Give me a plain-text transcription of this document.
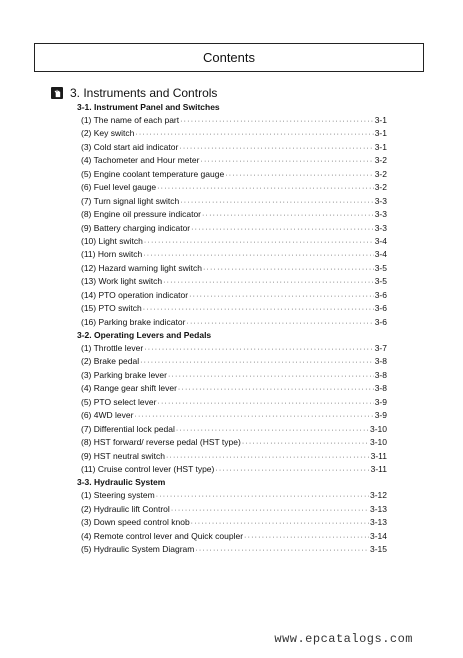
Contents
3. Instruments and Controls
3-1. Instrument Panel and Switches
(1) The name of each part ·····	3-1
(2) Key switch ·····	3-1
(3) Cold start aid indicator ·····	3-1
(4) Tachometer and Hour meter ·····	3-2
(5) Engine coolant temperature gauge ·····	3-2
(6) Fuel level gauge ·····	3-2
(7) Turn signal light switch ·····	3-3
(8) Engine oil pressure indicator ·····	3-3
(9) Battery charging indicator ·····	3-3
(10) Light switch ·····	3-4
(11) Horn switch ·····	3-4
(12) Hazard warning light switch ·····	3-5
(13) Work light switch ·····	3-5
(14) PTO operation indicator ·····	3-6
(15) PTO switch ·····	3-6
(16) Parking brake indicator ·····	3-6
3-2. Operating Levers and Pedals
(1) Throttle lever ·····	3-7
(2) Brake pedal ·····	3-8
(3) Parking brake lever ·····	3-8
(4) Range gear shift lever ·····	3-8
(5) PTO select lever ·····	3-9
(6) 4WD lever ·····	3-9
(7) Differential lock pedal ·····	3-10
(8) HST forward/ reverse pedal (HST type) ·····	3-10
(9) HST neutral switch ·····	3-11
(11) Cruise control lever (HST type) ·····	3-11
3-3. Hydraulic System
(1) Steering system ·····	3-12
(2) Hydraulic lift Control ·····	3-13
(3) Down speed control knob ·····	3-13
(4) Remote control lever and Quick coupler ·····	3-14
(5) Hydraulic System Diagram ·····	3-15
www.epcatalogs.com
